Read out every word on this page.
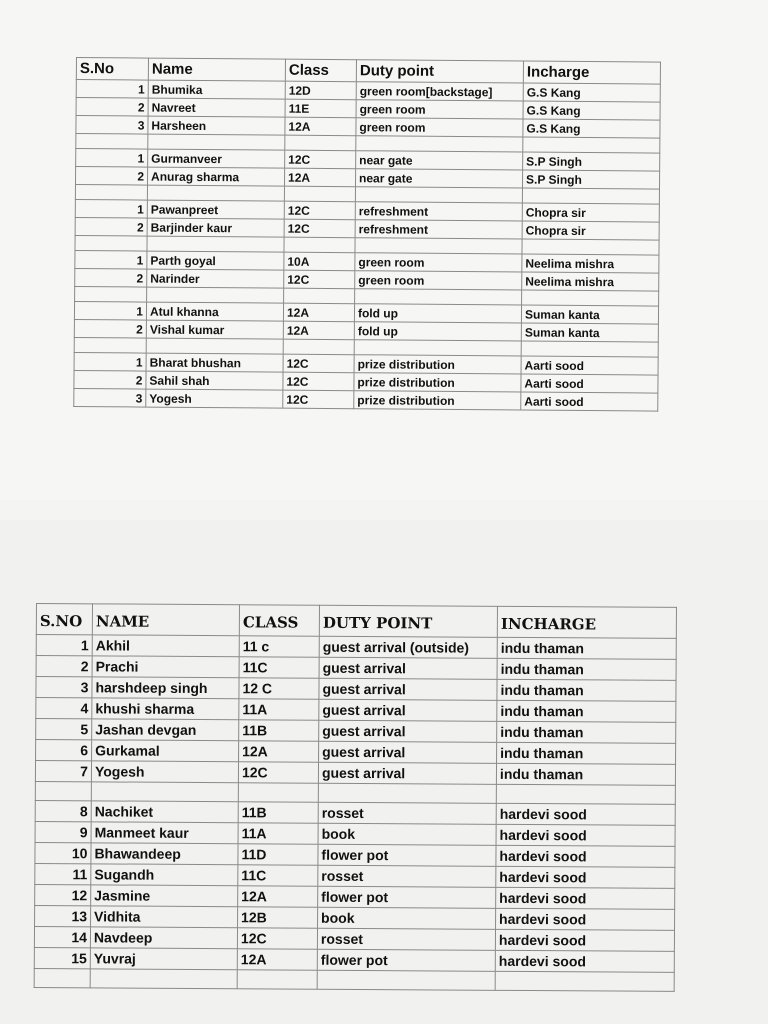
S.No	Name	Class	Duty point	Incharge
1	Bhumika	12D	green room[backstage]	G.S Kang
2	Navreet	11E	green room	G.S Kang
3	Harsheen	12A	green room	G.S Kang

1	Gurmanveer	12C	near gate	S.P Singh
2	Anurag sharma	12A	near gate	S.P Singh

1	Pawanpreet	12C	refreshment	Chopra sir
2	Barjinder kaur	12C	refreshment	Chopra sir

1	Parth goyal	10A	green room	Neelima mishra
2	Narinder	12C	green room	Neelima mishra

1	Atul khanna	12A	fold up	Suman kanta
2	Vishal kumar	12A	fold up	Suman kanta

1	Bharat bhushan	12C	prize distribution	Aarti sood
2	Sahil shah	12C	prize distribution	Aarti sood
3	Yogesh	12C	prize distribution	Aarti sood
S.NO	NAME	CLASS	DUTY POINT	INCHARGE
1	Akhil	11 c	guest arrival (outside)	indu thaman
2	Prachi	11C	guest arrival	indu thaman
3	harshdeep singh	12 C	guest arrival	indu thaman
4	khushi sharma	11A	guest arrival	indu thaman
5	Jashan devgan	11B	guest arrival	indu thaman
6	Gurkamal	12A	guest arrival	indu thaman
7	Yogesh	12C	guest arrival	indu thaman

8	Nachiket	11B	rosset	hardevi sood
9	Manmeet kaur	11A	book	hardevi sood
10	Bhawandeep	11D	flower pot	hardevi sood
11	Sugandh	11C	rosset	hardevi sood
12	Jasmine	12A	flower pot	hardevi sood
13	Vidhita	12B	book	hardevi sood
14	Navdeep	12C	rosset	hardevi sood
15	Yuvraj	12A	flower pot	hardevi sood
